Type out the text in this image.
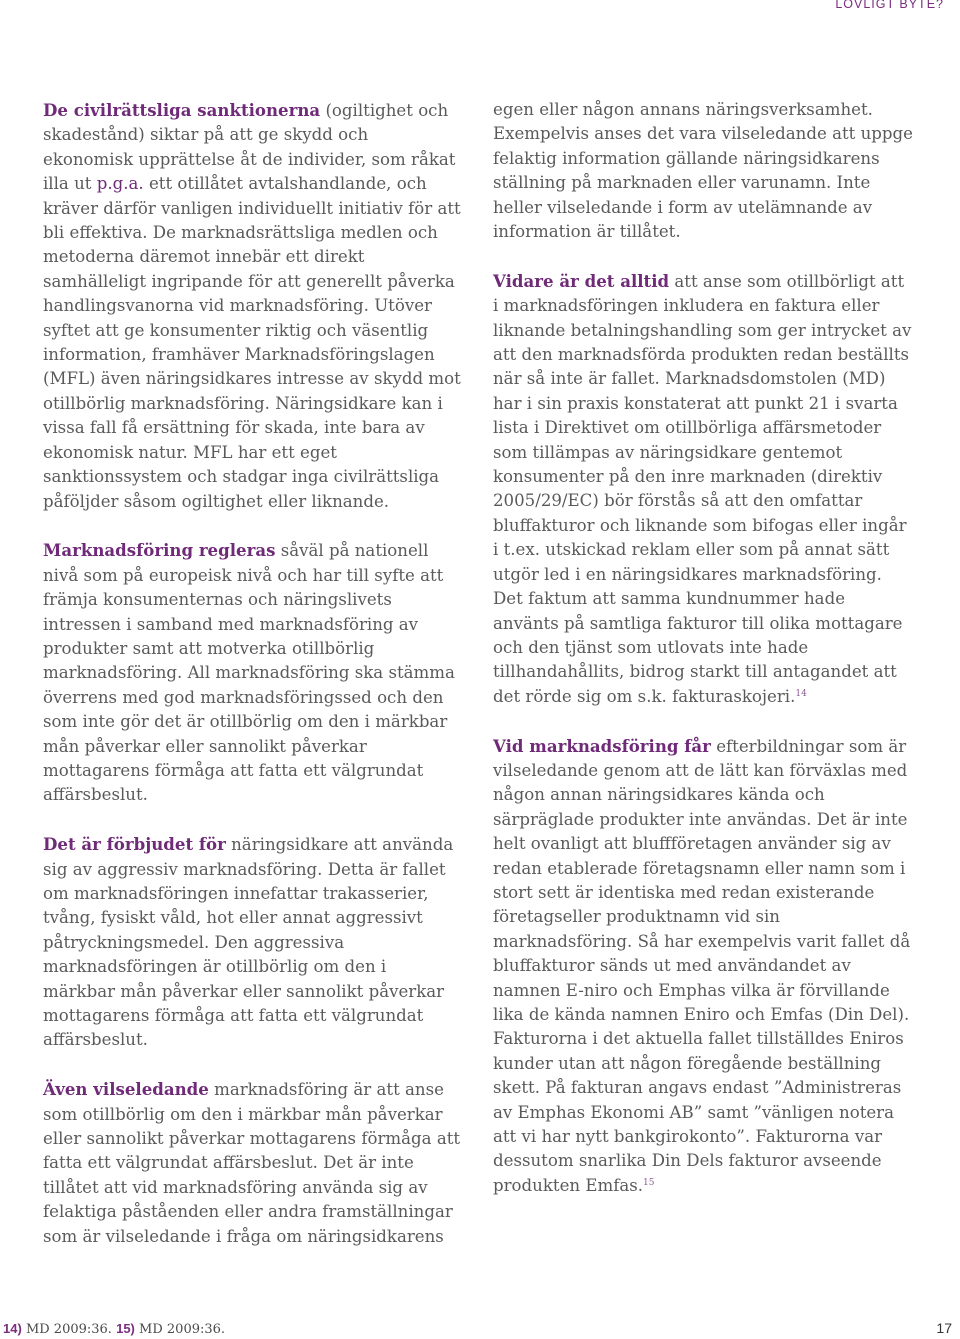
LOVLIGT BYTE?

De civilrättsliga sanktionerna (ogiltighet och skadestånd) siktar på att ge skydd och ekonomisk upprättelse åt de individer, som råkat illa ut p.g.a. ett otillåtet avtalshandlande, och kräver därför vanligen individuellt initiativ för att bli effektiva. De marknadsrättsliga medlen och metoderna däremot innebär ett direkt samhälleligt ingripande för att generellt påverka handlingsvanorna vid marknadsföring. Utöver syftet att ge konsumenter riktig och väsentlig information, framhäver Marknadsföringslagen (MFL) även näringsidkares intresse av skydd mot otillbörlig marknadsföring. Näringsidkare kan i vissa fall få ersättning för skada, inte bara av ekonomisk natur. MFL har ett eget sanktionssystem och stadgar inga civilrättsliga påföljder såsom ogiltighet eller liknande.

Marknadsföring regleras såväl på nationell nivå som på europeisk nivå och har till syfte att främja konsumenternas och näringslivets intressen i samband med marknadsföring av produkter samt att motverka otillbörlig marknadsföring. All marknadsföring ska stämma överrens med god marknadsföringssed och den som inte gör det är otillbörlig om den i märkbar mån påverkar eller sannolikt påverkar mottagarens förmåga att fatta ett välgrundat affärsbeslut.

Det är förbjudet för näringsidkare att använda sig av aggressiv marknadsföring. Detta är fallet om marknadsföringen innefattar trakasserier, tvång, fysiskt våld, hot eller annat aggressivt påtryckningsmedel. Den aggressiva marknadsföringen är otillbörlig om den i märkbar mån påverkar eller sannolikt påverkar mottagarens förmåga att fatta ett välgrundat affärsbeslut.

Även vilseledande marknadsföring är att anse som otillbörlig om den i märkbar mån påverkar eller sannolikt påverkar mottagarens förmåga att fatta ett välgrundat affärsbeslut. Det är inte tillåtet att vid marknadsföring använda sig av felaktiga påståenden eller andra framställningar som är vilseledande i fråga om näringsidkarens

egen eller någon annans näringsverksamhet. Exempelvis anses det vara vilseledande att uppge felaktig information gällande näringsidkarens ställning på marknaden eller varunamn. Inte heller vilseledande i form av utelämnande av information är tillåtet.

Vidare är det alltid att anse som otillbörligt att i marknadsföringen inkludera en faktura eller liknande betalningshandling som ger intrycket av att den marknadsförda produkten redan beställts när så inte är fallet. Marknadsdomstolen (MD) har i sin praxis konstaterat att punkt 21 i svarta lista i Direktivet om otillbörliga affärsmetoder som tillämpas av näringsidkare gentemot konsumenter på den inre marknaden (direktiv 2005/29/EC) bör förstås så att den omfattar bluffakturor och liknande som bifogas eller ingår i t.ex. utskickad reklam eller som på annat sätt utgör led i en näringsidkares marknadsföring. Det faktum att samma kundnummer hade använts på samtliga fakturor till olika mottagare och den tjänst som utlovats inte hade tillhandahållits, bidrog starkt till antagandet att det rörde sig om s.k. fakturaskojeri.$^{14}$

Vid marknadsföring får efterbildningar som är vilseledande genom att de lätt kan förväxlas med någon annan näringsidkares kända och särpräglade produkter inte användas. Det är inte helt ovanligt att bluffföretagen använder sig av redan etablerade företagsnamn eller namn som i stort sett är identiska med redan existerande företagseller produktnamn vid sin marknadsföring. Så har exempelvis varit fallet då bluffakturor sänds ut med användandet av namnen E-niro och Emphas vilka är förvillande lika de kända namnen Eniro och Emfas (Din Del). Fakturorna i det aktuella fallet tillställdes Eniros kunder utan att någon föregående beställning skett. På fakturan angavs endast ”Administreras av Emphas Ekonomi AB” samt ”vänligen notera att vi har nytt bankgirokonto”. Fakturorna var dessutom snarlika Din Dels fakturor avseende produkten Emfas.$^{15}$

14) MD 2009:36. 15) MD 2009:36.	17
